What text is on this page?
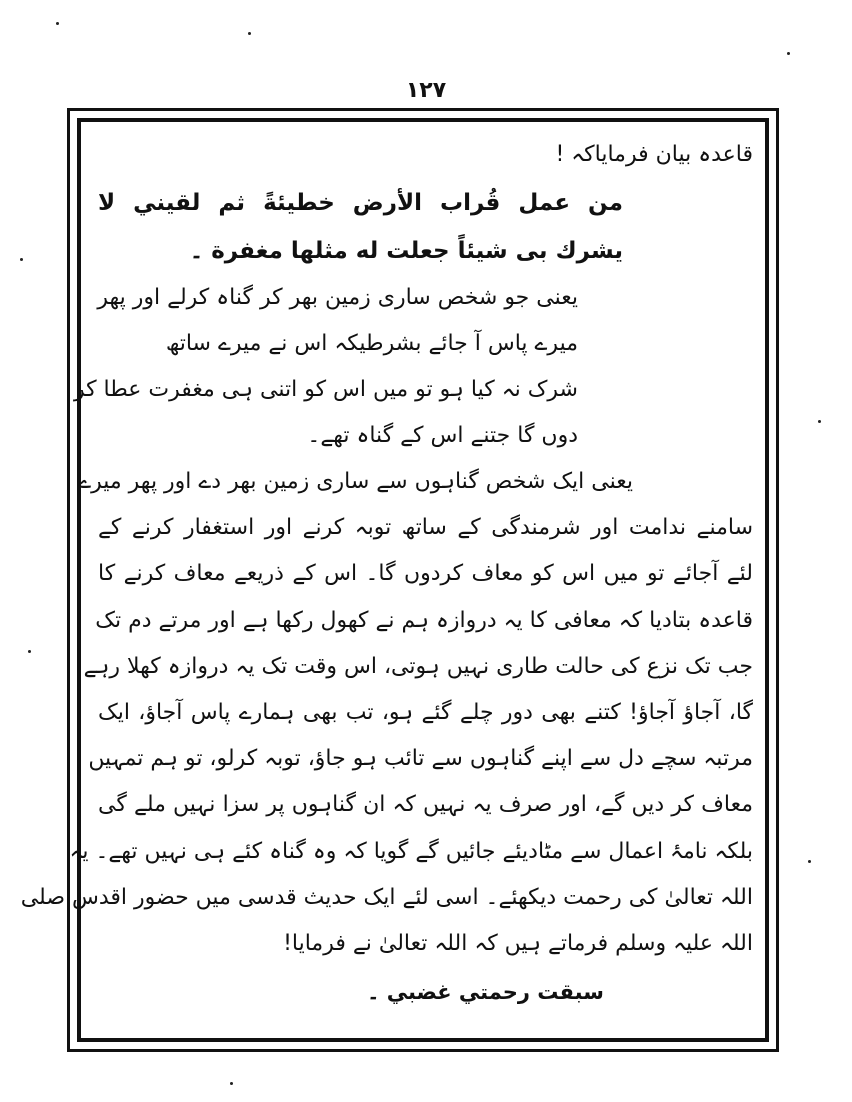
۱۲۷

قاعدہ بیان فرمایاکہ !

من عمل قُراب الأرض خطيئةً ثم لقيني لا

يشرك بى شيئاً جعلت له مثلها مغفرة ۔

یعنی جو شخص ساری زمین بھر کر گناہ کرلے اور پھر

میرے پاس آ جائے بشرطیکہ اس نے میرے ساتھ

شرک نہ کیا ہو تو میں اس کو اتنی ہی مغفرت عطا کر

دوں گا جتنے اس کے گناہ تھے۔

یعنی ایک شخص گناہوں سے ساری زمین بھر دے اور پھر میرے

سامنے ندامت اور شرمندگی کے ساتھ توبہ کرنے اور استغفار کرنے کے

لئے آجائے تو میں اس کو معاف کردوں گا۔ اس کے ذریعے معاف کرنے کا

قاعدہ بتادیا کہ معافی کا یہ دروازہ ہم نے کھول رکھا ہے اور مرتے دم تک

جب تک نزع کی حالت طاری نہیں ہوتی، اس وقت تک یہ دروازہ کھلا رہے

گا، آجاؤ آجاؤ! کتنے بھی دور چلے گئے ہو، تب بھی ہمارے پاس آجاؤ، ایک

مرتبہ سچے دل سے اپنے گناہوں سے تائب ہو جاؤ، توبہ کرلو، تو ہم تمہیں

معاف کر دیں گے، اور صرف یہ نہیں کہ ان گناہوں پر سزا نہیں ملے گی

بلکہ نامۂ اعمال سے مٹادیئے جائیں گے گویا کہ وہ گناہ کئے ہی نہیں تھے۔ یہ

اللہ تعالیٰ کی رحمت دیکھئے۔ اسی لئے ایک حدیث قدسی میں حضور اقدس صلی

اللہ علیہ وسلم فرماتے ہیں کہ اللہ تعالیٰ نے فرمایا!

سبقت رحمتي غضبي ۔
